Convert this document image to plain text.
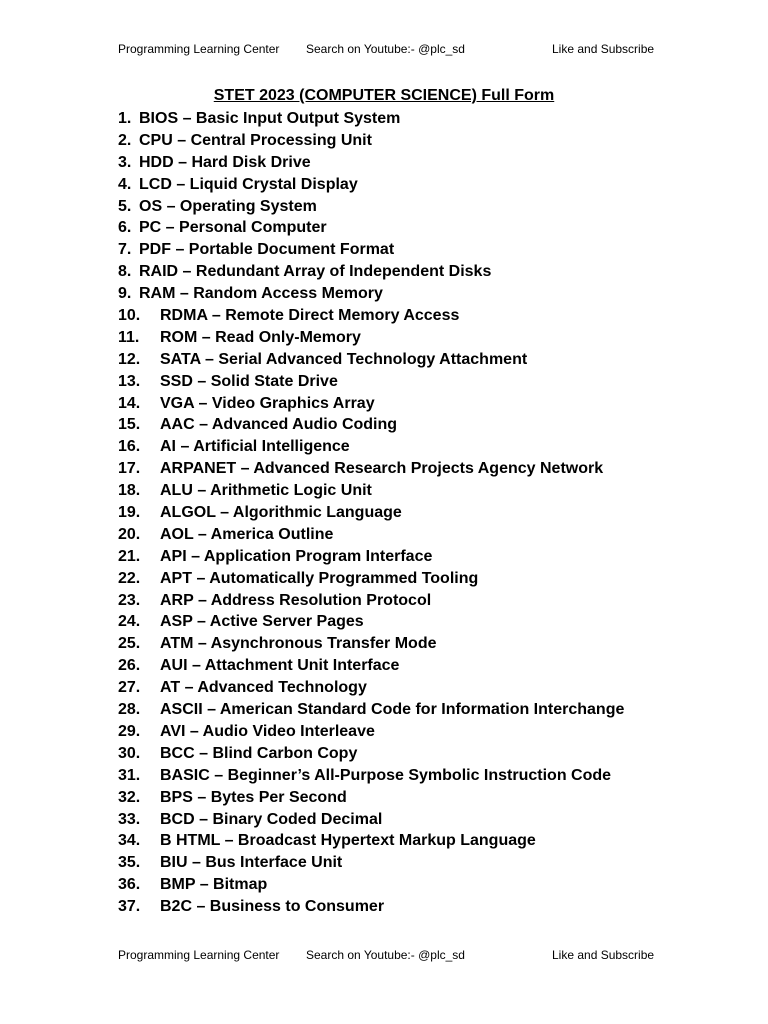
Programming Learning Center Search on Youtube:- @plc_sd	Like and Subscribe
STET 2023 (COMPUTER SCIENCE) Full Form
1. BIOS – Basic Input Output System
2. CPU – Central Processing Unit
3. HDD – Hard Disk Drive
4. LCD – Liquid Crystal Display
5. OS – Operating System
6. PC – Personal Computer
7. PDF – Portable Document Format
8. RAID – Redundant Array of Independent Disks
9. RAM – Random Access Memory
10. RDMA – Remote Direct Memory Access
11. ROM – Read Only-Memory
12. SATA – Serial Advanced Technology Attachment
13. SSD – Solid State Drive
14. VGA – Video Graphics Array
15. AAC – Advanced Audio Coding
16. AI – Artificial Intelligence
17. ARPANET – Advanced Research Projects Agency Network
18. ALU – Arithmetic Logic Unit
19. ALGOL – Algorithmic Language
20. AOL – America Outline
21. API – Application Program Interface
22. APT – Automatically Programmed Tooling
23. ARP – Address Resolution Protocol
24. ASP – Active Server Pages
25. ATM – Asynchronous Transfer Mode
26. AUI – Attachment Unit Interface
27. AT – Advanced Technology
28. ASCII – American Standard Code for Information Interchange
29. AVI – Audio Video Interleave
30. BCC – Blind Carbon Copy
31. BASIC – Beginner’s All-Purpose Symbolic Instruction Code
32. BPS – Bytes Per Second
33. BCD – Binary Coded Decimal
34. B HTML – Broadcast Hypertext Markup Language
35. BIU – Bus Interface Unit
36. BMP – Bitmap
37. B2C – Business to Consumer
Programming Learning Center Search on Youtube:- @plc_sd	Like and Subscribe
